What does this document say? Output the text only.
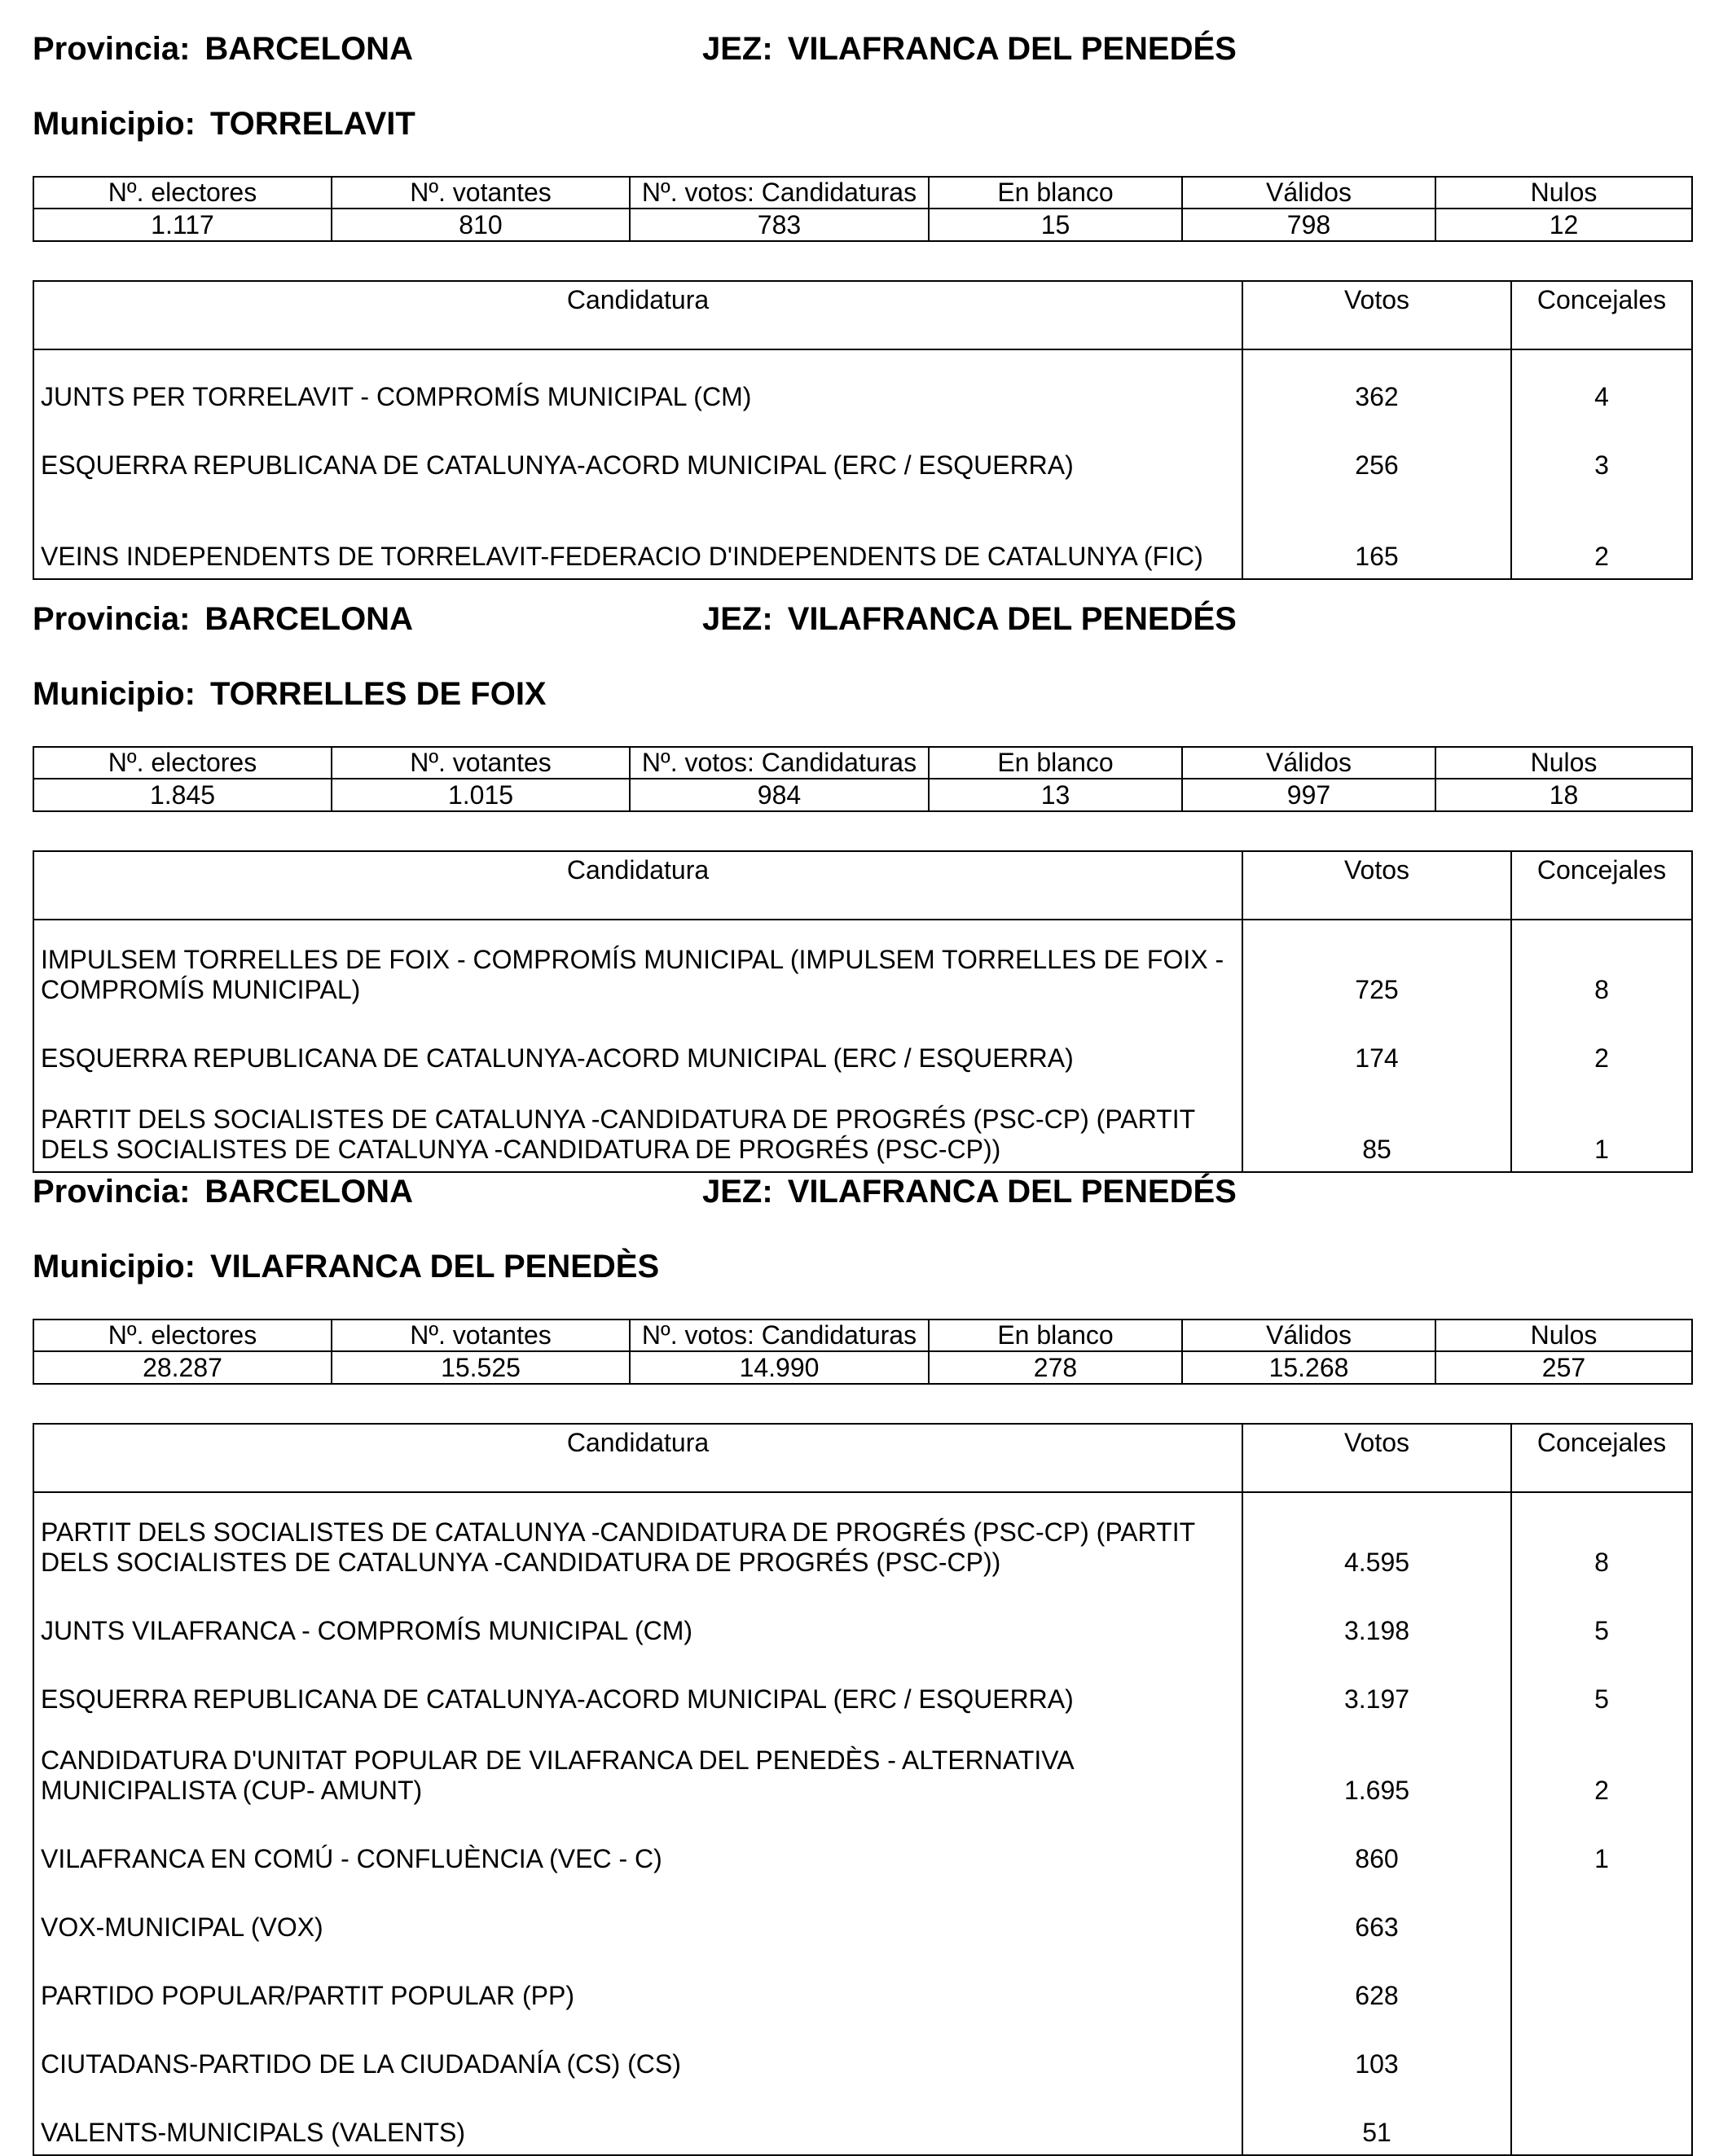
Provincia: BARCELONA	JEZ: VILAFRANCA DEL PENEDÉS
Municipio: TORRELAVIT
Nº. electores	Nº. votantes	Nº. votos: Candidaturas	En blanco	Válidos	Nulos
1.117	810	783	15	798	12
Candidatura	Votos	Concejales
JUNTS PER TORRELAVIT - COMPROMÍS MUNICIPAL (CM)	362	4
ESQUERRA REPUBLICANA DE CATALUNYA-ACORD MUNICIPAL (ERC / ESQUERRA)	256	3
VEINS INDEPENDENTS DE TORRELAVIT-FEDERACIO D'INDEPENDENTS DE CATALUNYA (FIC)	165	2
Provincia: BARCELONA	JEZ: VILAFRANCA DEL PENEDÉS
Municipio: TORRELLES DE FOIX
Nº. electores	Nº. votantes	Nº. votos: Candidaturas	En blanco	Válidos	Nulos
1.845	1.015	984	13	997	18
Candidatura	Votos	Concejales
IMPULSEM TORRELLES DE FOIX - COMPROMÍS MUNICIPAL (IMPULSEM TORRELLES DE FOIX - COMPROMÍS MUNICIPAL)	725	8
ESQUERRA REPUBLICANA DE CATALUNYA-ACORD MUNICIPAL (ERC / ESQUERRA)	174	2
PARTIT DELS SOCIALISTES DE CATALUNYA -CANDIDATURA DE PROGRÉS (PSC-CP) (PARTIT DELS SOCIALISTES DE CATALUNYA -CANDIDATURA DE PROGRÉS (PSC-CP))	85	1
Provincia: BARCELONA	JEZ: VILAFRANCA DEL PENEDÉS
Municipio: VILAFRANCA DEL PENEDÈS
Nº. electores	Nº. votantes	Nº. votos: Candidaturas	En blanco	Válidos	Nulos
28.287	15.525	14.990	278	15.268	257
Candidatura	Votos	Concejales
PARTIT DELS SOCIALISTES DE CATALUNYA -CANDIDATURA DE PROGRÉS (PSC-CP) (PARTIT DELS SOCIALISTES DE CATALUNYA -CANDIDATURA DE PROGRÉS (PSC-CP))	4.595	8
JUNTS VILAFRANCA - COMPROMÍS MUNICIPAL (CM)	3.198	5
ESQUERRA REPUBLICANA DE CATALUNYA-ACORD MUNICIPAL (ERC / ESQUERRA)	3.197	5
CANDIDATURA D'UNITAT POPULAR DE VILAFRANCA DEL PENEDÈS - ALTERNATIVA MUNICIPALISTA (CUP- AMUNT)	1.695	2
VILAFRANCA EN COMÚ - CONFLUÈNCIA (VEC - C)	860	1
VOX-MUNICIPAL (VOX)	663	
PARTIDO POPULAR/PARTIT POPULAR (PP)	628	
CIUTADANS-PARTIDO DE LA CIUDADANÍA (CS) (CS)	103	
VALENTS-MUNICIPALS (VALENTS)	51	
